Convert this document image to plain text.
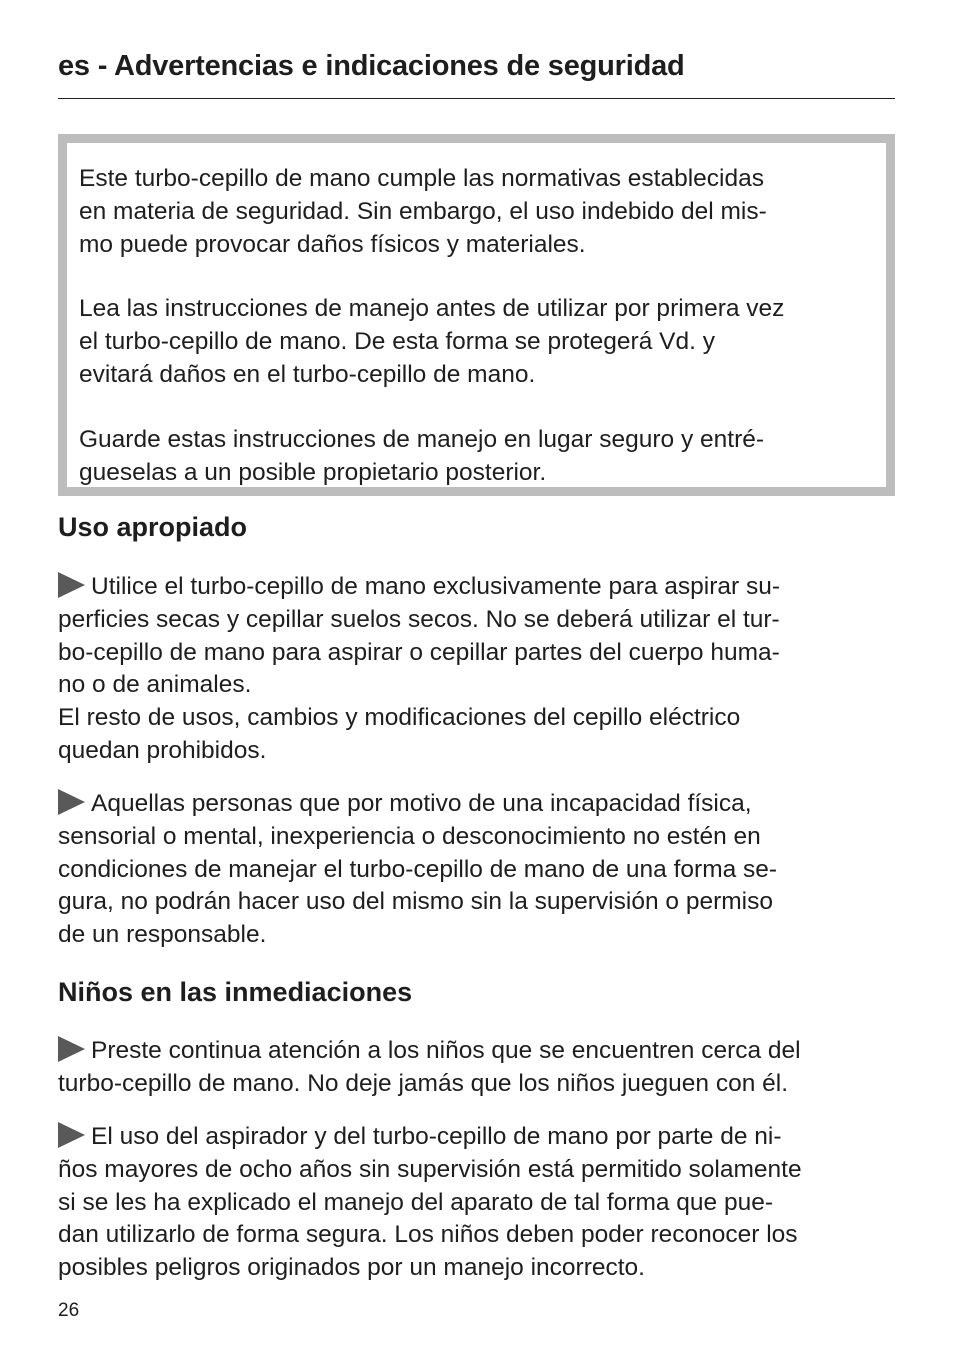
es - Advertencias e indicaciones de seguridad

Este turbo-cepillo de mano cumple las normativas establecidas
en materia de seguridad. Sin embargo, el uso indebido del mis-
mo puede provocar daños físicos y materiales.

Lea las instrucciones de manejo antes de utilizar por primera vez
el turbo-cepillo de mano. De esta forma se protegerá Vd. y
evitará daños en el turbo-cepillo de mano.

Guarde estas instrucciones de manejo en lugar seguro y entré-
gueselas a un posible propietario posterior.

Uso apropiado

Utilice el turbo-cepillo de mano exclusivamente para aspirar su-
perficies secas y cepillar suelos secos. No se deberá utilizar el tur-
bo-cepillo de mano para aspirar o cepillar partes del cuerpo huma-
no o de animales.
El resto de usos, cambios y modificaciones del cepillo eléctrico
quedan prohibidos.

Aquellas personas que por motivo de una incapacidad física,
sensorial o mental, inexperiencia o desconocimiento no estén en
condiciones de manejar el turbo-cepillo de mano de una forma se-
gura, no podrán hacer uso del mismo sin la supervisión o permiso
de un responsable.

Niños en las inmediaciones

Preste continua atención a los niños que se encuentren cerca del
turbo-cepillo de mano. No deje jamás que los niños jueguen con él.

El uso del aspirador y del turbo-cepillo de mano por parte de ni-
ños mayores de ocho años sin supervisión está permitido solamente
si se les ha explicado el manejo del aparato de tal forma que pue-
dan utilizarlo de forma segura. Los niños deben poder reconocer los
posibles peligros originados por un manejo incorrecto.

26
